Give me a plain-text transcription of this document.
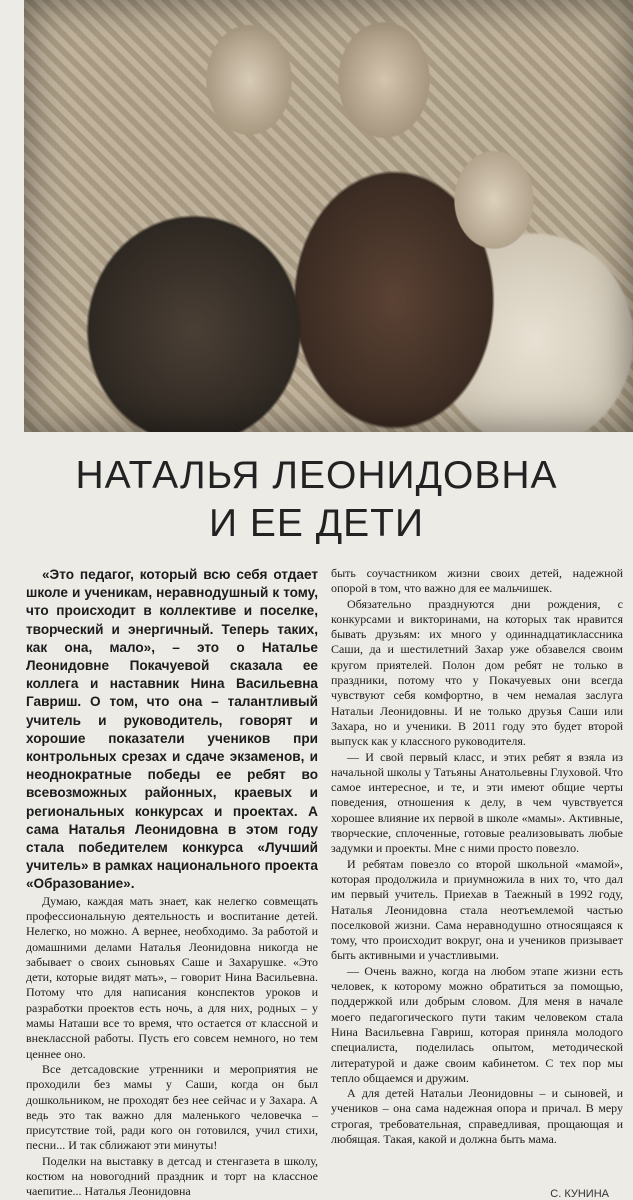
НАТАЛЬЯ ЛЕОНИДОВНА
И ЕЕ ДЕТИ

«Это педагог, который всю себя отдает школе и ученикам, неравнодушный к тому, что происходит в коллективе и поселке, творческий и энергичный. Теперь таких, как она, мало», – это о Наталье Леонидовне Покачуевой сказала ее коллега и наставник Нина Васильевна Гавриш. О том, что она – талантливый учитель и руководитель, говорят и хорошие показатели учеников при контрольных срезах и сдаче экзаменов, и неоднократные победы ее ребят во всевозможных районных, краевых и региональных конкурсах и проектах. А сама Наталья Леонидовна в этом году стала победителем конкурса «Лучший учитель» в рамках национального проекта «Образование».

Думаю, каждая мать знает, как нелегко совмещать профессиональную деятельность и воспитание детей. Нелегко, но можно. А вернее, необходимо. За работой и домашними делами Наталья Леонидовна никогда не забывает о своих сыновьях Саше и Захарушке. «Это дети, которые видят мать», – говорит Нина Васильевна. Потому что для написания конспектов уроков и разработки проектов есть ночь, а для них, родных – у мамы Наташи все то время, что остается от классной и внеклассной работы. Пусть его совсем немного, но тем ценнее оно.

Все детсадовские утренники и мероприятия не проходили без мамы у Саши, когда он был дошкольником, не проходят без нее сейчас и у Захара. А ведь это так важно для маленького человечка – присутствие той, ради кого он готовился, учил стихи, песни... И так сближают эти минуты!

Поделки на выставку в детсад и стенгазета в школу, костюм на новогодний праздник и торт на классное чаепитие... Наталья Леонидовна

быть соучастником жизни своих детей, надежной опорой в том, что важно для ее мальчишек.

Обязательно празднуются дни рождения, с конкурсами и викторинами, на которых так нравится бывать друзьям: их много у одиннадцатиклассника Саши, да и шестилетний Захар уже обзавелся своим кругом приятелей. Полон дом ребят не только в праздники, потому что у Покачуевых они всегда чувствуют себя комфортно, в чем немалая заслуга Натальи Леонидовны. И не только друзья Саши или Захара, но и ученики. В 2011 году это будет второй выпуск как у классного руководителя.

— И свой первый класс, и этих ребят я взяла из начальной школы у Татьяны Анатольевны Глуховой. Что самое интересное, и те, и эти имеют общие черты поведения, отношения к делу, в чем чувствуется хорошее влияние их первой в школе «мамы». Активные, творческие, сплоченные, готовые реализовывать любые задумки и проекты. Мне с ними просто повезло.

И ребятам повезло со второй школьной «мамой», которая продолжила и приумножила в них то, что дал им первый учитель. Приехав в Таежный в 1992 году, Наталья Леонидовна стала неотъемлемой частью поселковой жизни. Сама неравнодушно относящаяся к тому, что происходит вокруг, она и учеников призывает быть активными и участливыми.

— Очень важно, когда на любом этапе жизни есть человек, к которому можно обратиться за помощью, поддержкой или добрым словом. Для меня в начале моего педагогического пути таким человеком стала Нина Васильевна Гавриш, которая приняла молодого специалиста, поделилась опытом, методической литературой и даже своим кабинетом. С тех пор мы тепло общаемся и дружим.

А для детей Натальи Леонидовны – и сыновей, и учеников – она сама надежная опора и причал. В меру строгая, требовательная, справедливая, прощающая и любящая. Такая, какой и должна быть мама.

С. КУНИНА
